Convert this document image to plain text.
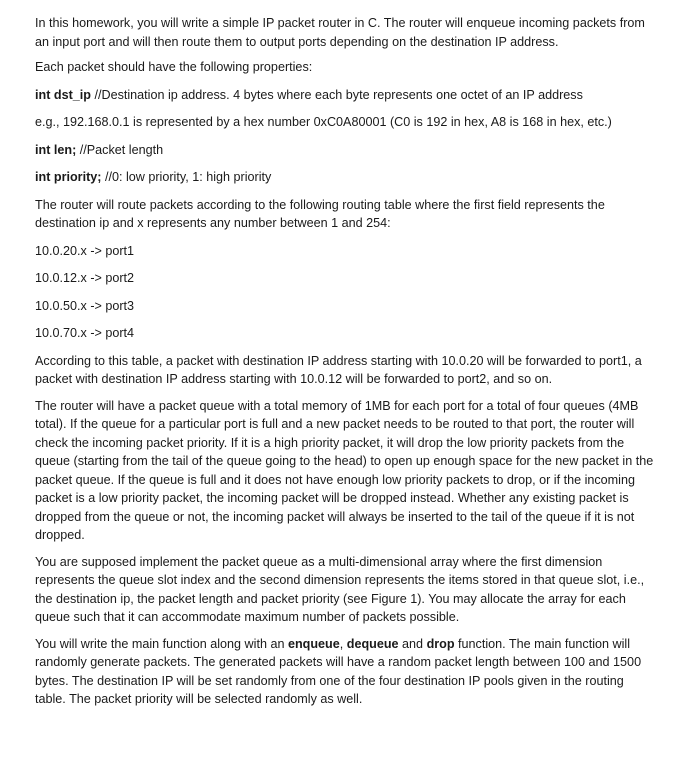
In this homework, you will write a simple IP packet router in C. The router will enqueue incoming packets from an input port and will then route them to output ports depending on the destination IP address.

Each packet should have the following properties:

int dst_ip //Destination ip address. 4 bytes where each byte represents one octet of an IP address

e.g., 192.168.0.1 is represented by a hex number 0xC0A80001 (C0 is 192 in hex, A8 is 168 in hex, etc.)

int len; //Packet length

int priority; //0: low priority, 1: high priority

The router will route packets according to the following routing table where the first field represents the destination ip and x represents any number between 1 and 254:

10.0.20.x -> port1

10.0.12.x -> port2

10.0.50.x -> port3

10.0.70.x -> port4

According to this table, a packet with destination IP address starting with 10.0.20 will be forwarded to port1, a packet with destination IP address starting with 10.0.12 will be forwarded to port2, and so on.

The router will have a packet queue with a total memory of 1MB for each port for a total of four queues (4MB total). If the queue for a particular port is full and a new packet needs to be routed to that port, the router will check the incoming packet priority. If it is a high priority packet, it will drop the low priority packets from the queue (starting from the tail of the queue going to the head) to open up enough space for the new packet in the packet queue. If the queue is full and it does not have enough low priority packets to drop, or if the incoming packet is a low priority packet, the incoming packet will be dropped instead. Whether any existing packet is dropped from the queue or not, the incoming packet will always be inserted to the tail of the queue if it is not dropped.

You are supposed implement the packet queue as a multi-dimensional array where the first dimension represents the queue slot index and the second dimension represents the items stored in that queue slot, i.e., the destination ip, the packet length and packet priority (see Figure 1). You may allocate the array for each queue such that it can accommodate maximum number of packets possible.

You will write the main function along with an enqueue, dequeue and drop function. The main function will randomly generate packets. The generated packets will have a random packet length between 100 and 1500 bytes. The destination IP will be set randomly from one of the four destination IP pools given in the routing table. The packet priority will be selected randomly as well.
